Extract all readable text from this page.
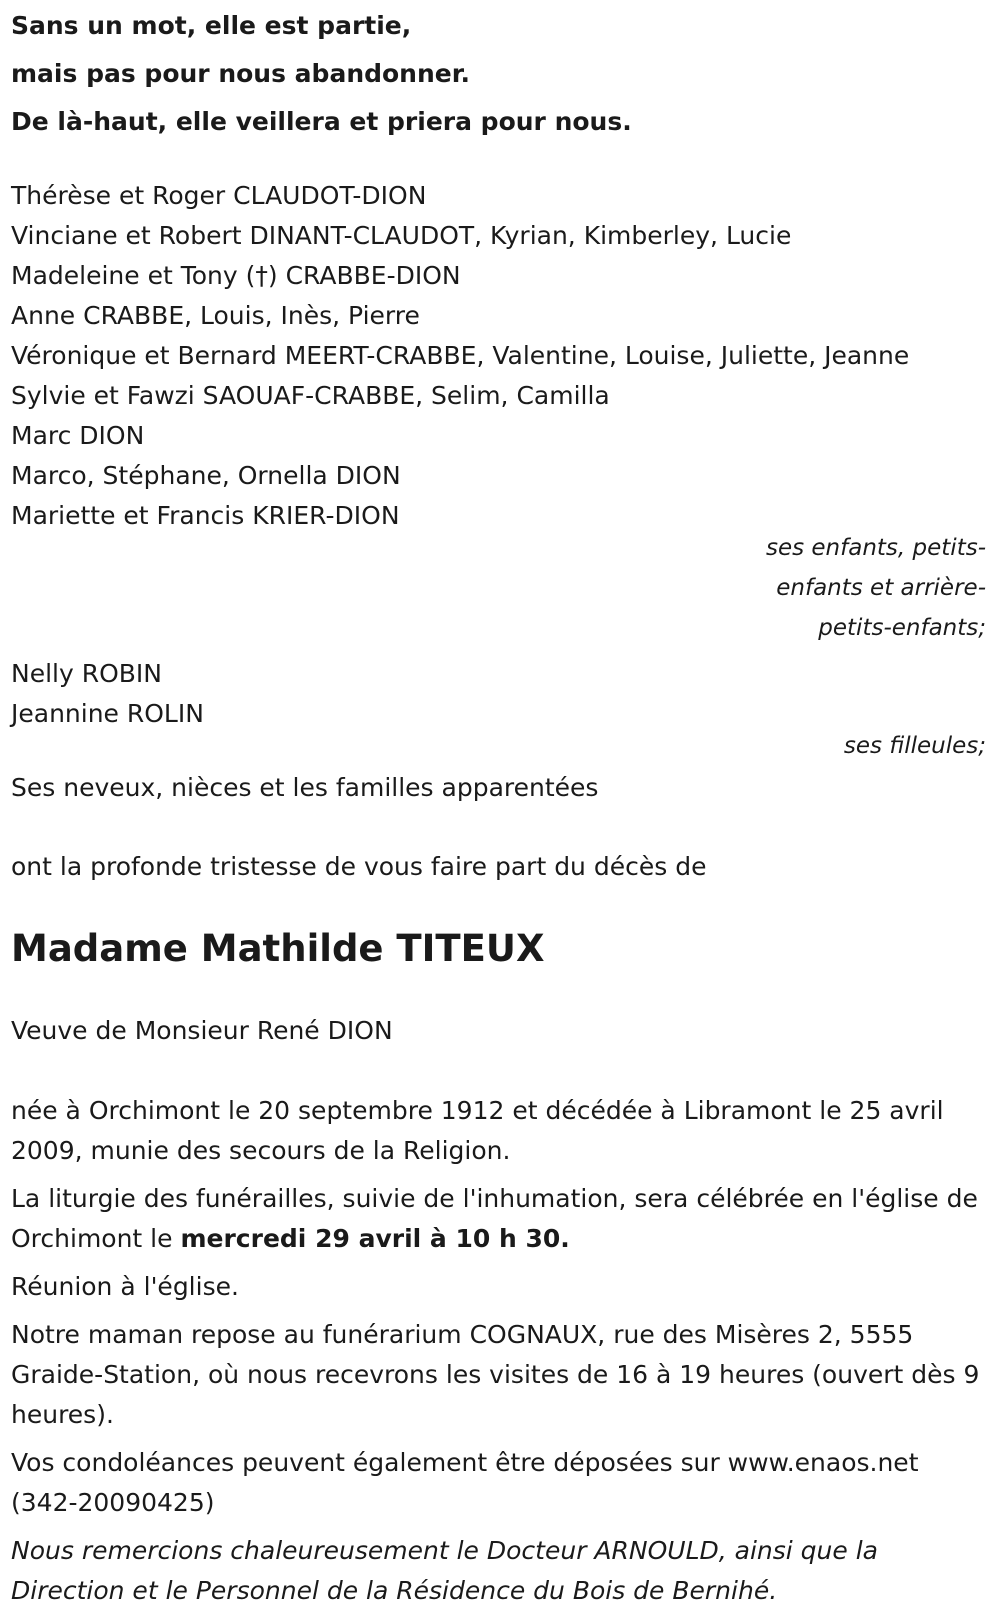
Sans un mot, elle est partie,
mais pas pour nous abandonner.
De là-haut, elle veillera et priera pour nous.
Thérèse et Roger CLAUDOT-DION
Vinciane et Robert DINANT-CLAUDOT, Kyrian, Kimberley, Lucie
Madeleine et Tony (†) CRABBE-DION
Anne CRABBE, Louis, Inès, Pierre
Véronique et Bernard MEERT-CRABBE, Valentine, Louise, Juliette, Jeanne
Sylvie et Fawzi SAOUAF-CRABBE, Selim, Camilla
Marc DION
Marco, Stéphane, Ornella DION
Mariette et Francis KRIER-DION
ses enfants, petits-enfants et arrière-petits-enfants;
Nelly ROBIN
Jeannine ROLIN
ses filleules;
Ses neveux, nièces et les familles apparentées
ont la profonde tristesse de vous faire part du décès de
Madame Mathilde TITEUX
Veuve de Monsieur René DION
née à Orchimont le 20 septembre 1912 et décédée à Libramont le 25 avril 2009, munie des secours de la Religion.
La liturgie des funérailles, suivie de l'inhumation, sera célébrée en l'église de Orchimont le mercredi 29 avril à 10 h 30.
Réunion à l'église.
Notre maman repose au funérarium COGNAUX, rue des Misères 2, 5555 Graide-Station, où nous recevrons les visites de 16 à 19 heures (ouvert dès 9 heures).
Vos condoléances peuvent également être déposées sur www.enaos.net (342-20090425)
Nous remercions chaleureusement le Docteur ARNOULD, ainsi que la Direction et le Personnel de la Résidence du Bois de Bernihé.
